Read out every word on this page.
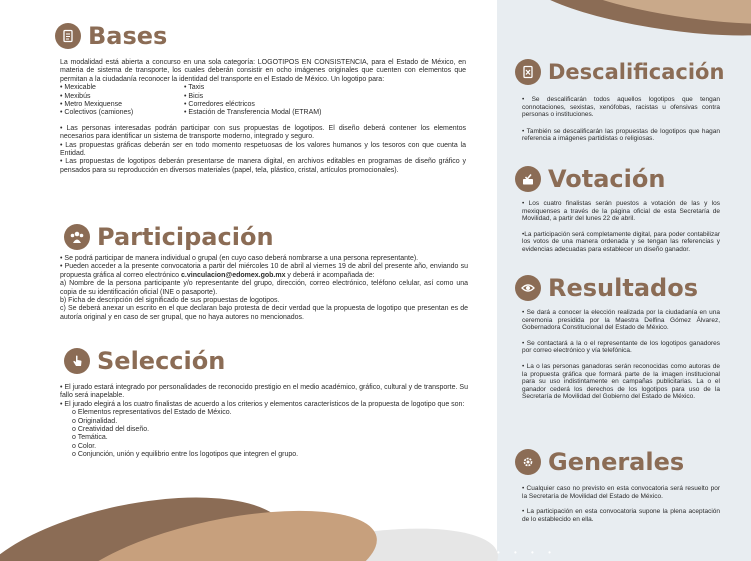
Bases

La modalidad está abierta a concurso en una sola categoría: LOGOTIPOS EN CONSISTENCIA, para el Estado de México, en materia de sistema de transporte, los cuales deberán consistir en ocho imágenes originales que cuenten con elementos que permitan a la ciudadanía reconocer la identidad del transporte en el Estado de México. Un logotipo para:

• Mexicable

• Mexibús

• Metro Mexiquense

• Colectivos (camiones)

• Taxis

• Bicis

• Corredores eléctricos

• Estación de Transferencia Modal (ETRAM)

• Las personas interesadas podrán participar con sus propuestas de logotipos. El diseño deberá contener los elementos necesarios para identificar un sistema de transporte moderno, integrado y seguro.

• Las propuestas gráficas deberán ser en todo momento respetuosas de los valores humanos y los tesoros con que cuenta la Entidad.

• Las propuestas de logotipos deberán presentarse de manera digital, en archivos editables en programas de diseño gráfico y pensados para su reproducción en diversos materiales (papel, tela, plástico, cristal, artículos promocionales).

Participación

• Se podrá participar de manera individual o grupal (en cuyo caso deberá nombrarse a una persona representante).

• Pueden acceder a la presente convocatoria a partir del miércoles 10 de abril al viernes 19 de abril del presente año, enviando su propuesta gráfica al correo electrónico c.vinculacion@edomex.gob.mx y deberá ir acompañada de:

a) Nombre de la persona participante y/o representante del grupo, dirección, correo electrónico, teléfono celular, así como una copia de su identificación oficial (INE o pasaporte).

b) Ficha de descripción del significado de sus propuestas de logotipos.

c) Se deberá anexar un escrito en el que declaran bajo protesta de decir verdad que la propuesta de logotipo que presentan es de autoría original y en caso de ser grupal, que no haya autores no mencionados.

Selección

• El jurado estará integrado por personalidades de reconocido prestigio en el medio académico, gráfico, cultural y de transporte. Su fallo será inapelable.

• El jurado elegirá a los cuatro finalistas de acuerdo a los criterios y elementos característicos de la propuesta de logotipo que son:

o Elementos representativos del Estado de México.

o Originalidad.

o Creatividad del diseño.

o Temática.

o Color.

o Conjunción, unión y equilibrio entre los logotipos que integren el grupo.

Descalificación

• Se descalificarán todos aquellos logotipos que tengan connotaciones, sexistas, xenófobas, racistas u ofensivas contra personas o instituciones.

• También se descalificarán las propuestas de logotipos que hagan referencia a imágenes partidistas o religiosas.

Votación

• Los cuatro finalistas serán puestos a votación de las y los mexiquenses a través de la página oficial de esta Secretaría de Movilidad, a partir del lunes 22 de abril.

•La participación será completamente digital, para poder contabilizar los votos de una manera ordenada y se tengan las referencias y evidencias adecuadas para establecer un diseño ganador.

Resultados

• Se dará a conocer la elección realizada por la ciudadanía en una ceremonia presidida por la Maestra Delfina Gómez Álvarez, Gobernadora Constitucional del Estado de México.

• Se contactará a la o el representante de los logotipos ganadores por correo electrónico y vía telefónica.

• La o las personas ganadoras serán reconocidas como autoras de la propuesta gráfica que formará parte de la imagen institucional para su uso indistintamente en campañas publicitarias. La o el ganador cederá los derechos de los logotipos para uso de la Secretaría de Movilidad del Gobierno del Estado de México.

Generales

• Cualquier caso no previsto en esta convocatoria será resuelto por la Secretaría de Movilidad del Estado de México.

• La participación en esta convocatoria supone la plena aceptación de lo establecido en ella.

• • • •
